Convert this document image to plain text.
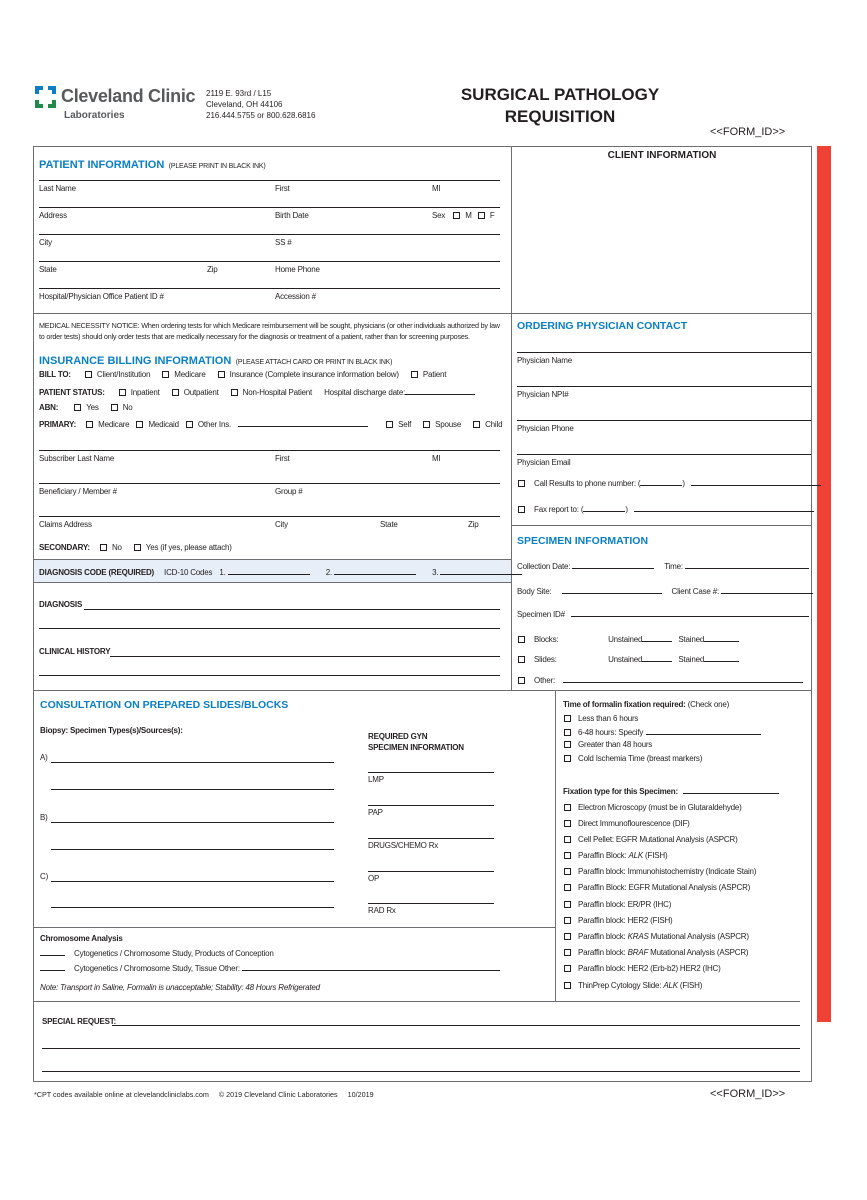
Cleveland Clinic
Laboratories
2119 E. 93rd / L15
Cleveland, OH 44106
216.444.5755 or 800.628.6816
SURGICAL PATHOLOGY
REQUISITION
<<FORM_ID>>
PATIENT INFORMATION (PLEASE PRINT IN BLACK INK)
Last Name	First	MI
Address	Birth Date	Sex	M F
City	SS #
State	Zip	Home Phone
Hospital/Physician Office Patient ID #	Accession #
CLIENT INFORMATION
MEDICAL NECESSITY NOTICE: When ordering tests for which Medicare reimbursement will be sought, physicians (or other individuals authorized by law to order tests) should only order tests that are medically necessary for the diagnosis or treatment of a patient, rather than for screening purposes.
INSURANCE BILLING INFORMATION (PLEASE ATTACH CARD OR PRINT IN BLACK INK)
BILL TO:	Client/Institution	Medicare	Insurance (Complete insurance information below)	Patient
PATIENT STATUS:	Inpatient	Outpatient	Non-Hospital Patient Hospital discharge date:
ABN:	Yes	No
PRIMARY:	Medicare Medicaid Other Ins.	Self	Spouse	Child
Subscriber Last Name	First	MI
Beneficiary / Member #	Group #
Claims Address	City	State	Zip
SECONDARY:	No	Yes (if yes, please attach)
DIAGNOSIS CODE (REQUIRED) ICD-10 Codes 1.	2.	3.
DIAGNOSIS
CLINICAL HISTORY
ORDERING PHYSICIAN CONTACT
Physician Name
Physician NPI#
Physician Phone
Physician Email
Call Results to phone number: (	)
Fax report to: (	)
SPECIMEN INFORMATION
Collection Date:	Time:
Body Site:	Client Case #:
Specimen ID#
Blocks:	Unstained	Stained
Slides:	Unstained	Stained
Other:
CONSULTATION ON PREPARED SLIDES/BLOCKS
Biopsy: Specimen Types(s)/Sources(s):
A)
B)
C)
REQUIRED GYN
SPECIMEN INFORMATION
LMP
PAP
DRUGS/CHEMO Rx
OP
RAD Rx
Chromosome Analysis
Cytogenetics / Chromosome Study, Products of Conception
Cytogenetics / Chromosome Study, Tissue Other:
Note: Transport in Saline, Formalin is unacceptable; Stability: 48 Hours Refrigerated
Time of formalin fixation required: (Check one)
Less than 6 hours
6-48 hours: Specify
Greater than 48 hours
Cold Ischemia Time (breast markers)
Fixation type for this Specimen:
Electron Microscopy (must be in Glutaraldehyde)
Direct Immunoflourescence (DIF)
Cell Pellet: EGFR Mutational Analysis (ASPCR)
Paraffin Block: ALK (FISH)
Paraffin block: Immunohistochemistry (Indicate Stain)
Paraffin Block: EGFR Mutational Analysis (ASPCR)
Paraffin block: ER/PR (IHC)
Paraffin block: HER2 (FISH)
Paraffin block: KRAS Mutational Analysis (ASPCR)
Paraffin block: BRAF Mutational Analysis (ASPCR)
Paraffin block: HER2 (Erb-b2) HER2 (IHC)
ThinPrep Cytology Slide: ALK (FISH)
SPECIAL REQUEST:
*CPT codes available online at clevelandcliniclabs.com © 2019 Cleveland Clinic Laboratories 10/2019	<<FORM_ID>>
